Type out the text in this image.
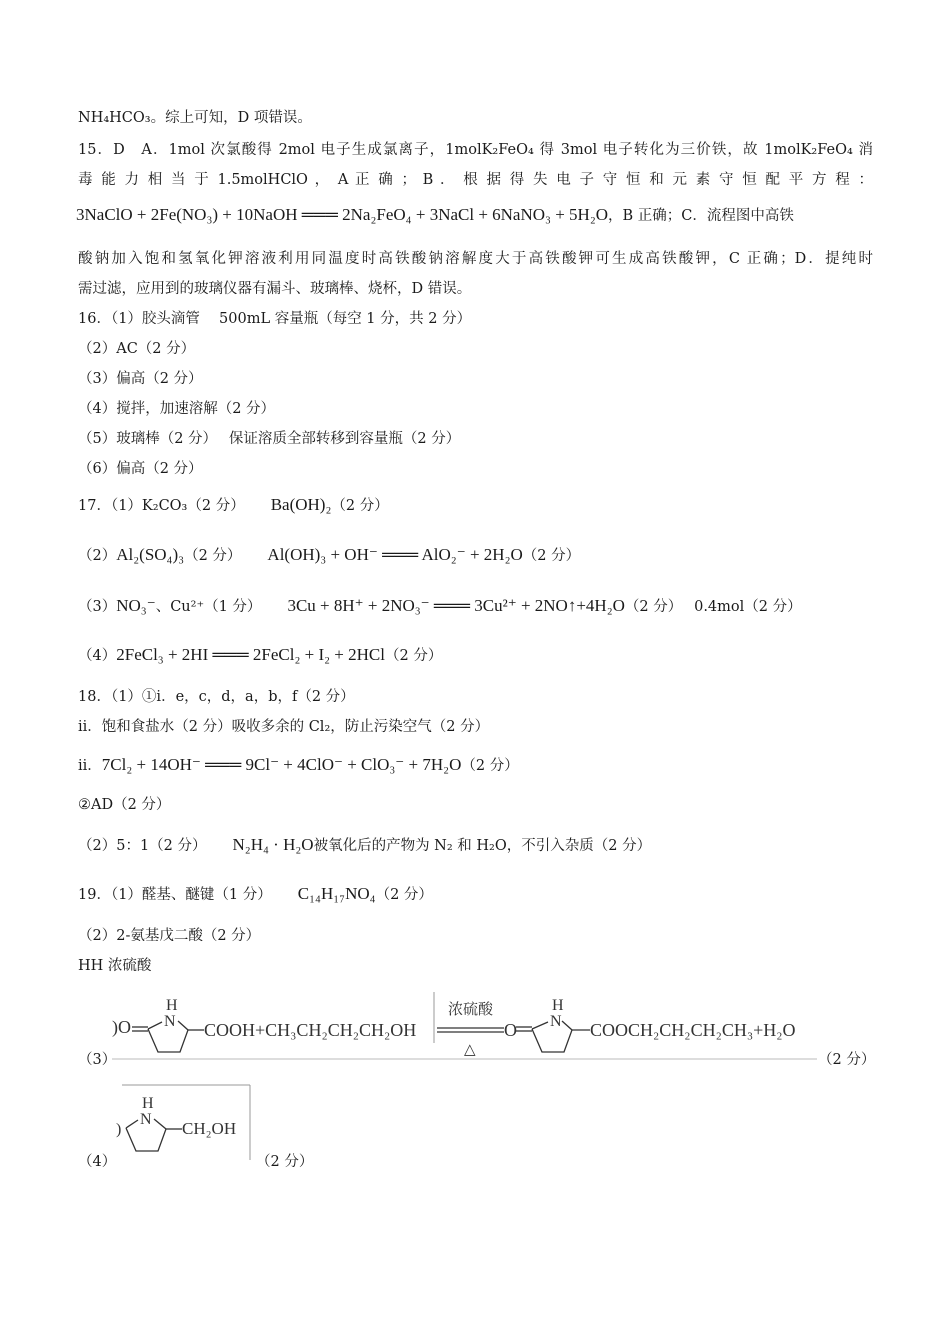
NH₄HCO₃。综上可知，D 项错误。
15．D　A．1mol 次氯酸得 2mol 电子生成氯离子，1molK₂FeO₄ 得 3mol 电子转化为三价铁，故 1molK₂FeO₄ 消
毒 能 力 相 当 于 1.5molHClO ， A 正 确 ； B ． 根 据 得 失 电 子 守 恒 和 元 素 守 恒 配 平 方 程 ：
3NaClO + 2Fe(NO₃) + 10NaOH ═══ 2Na₂FeO₄ + 3NaCl + 6NaNO₃ + 5H₂O，B 正确；C．流程图中高铁
酸钠加入饱和氢氧化钾溶液利用同温度时高铁酸钠溶解度大于高铁酸钾可生成高铁酸钾，C 正确；D．提纯时
需过滤，应用到的玻璃仪器有漏斗、玻璃棒、烧杯，D 错误。
16．（1）胶头滴管　 500mL 容量瓶（每空 1 分，共 2 分）
（2）AC（2 分）
（3）偏高（2 分）
（4）搅拌，加速溶解（2 分）
（5）玻璃棒（2 分）　 保证溶质全部转移到容量瓶（2 分）
（6）偏高（2 分）
17．（1）K₂CO₃（2 分） Ba(OH)₂（2 分）
（2）Al₂(SO₄)₃（2 分） Al(OH)₃ + OH⁻ ═══ AlO₂⁻ + 2H₂O（2 分）
（3）NO₃⁻、Cu²⁺（1 分） 3Cu + 8H⁺ + 2NO₃⁻ ═══ 3Cu²⁺ + 2NO↑+4H₂O（2 分）　 0.4mol（2 分）
（4）2FeCl₃ + 2HI ═══ 2FeCl₂ + I₂ + 2HCl（2 分）
18．（1）①i．e，c，d，a，b，f（2 分）
ii．饱和食盐水（2 分）吸收多余的 Cl₂，防止污染空气（2 分）
ii．7Cl₂ + 14OH⁻ ═══ 9Cl⁻ + 4ClO⁻ + ClO₃⁻ + 7H₂O（2 分）
②AD（2 分）
（2）5：1（2 分） N₂H₄ · H₂O被氧化后的产物为 N₂ 和 H₂O，不引入杂质（2 分）
19．（1）醛基、醚键（1 分） C₁₄H₁₇NO₄（2 分）
（2）2-氨基戊二酸（2 分）
HH 浓硫酸
（3）	（2 分）
)O
H
N COOH+CH₃CH₂CH₂CH₂OH
浓硫酸
△
O
H
N COOCH₂CH₂CH₂CH₃+H₂O
（4）	（2 分）
)
H
N CH₂OH
